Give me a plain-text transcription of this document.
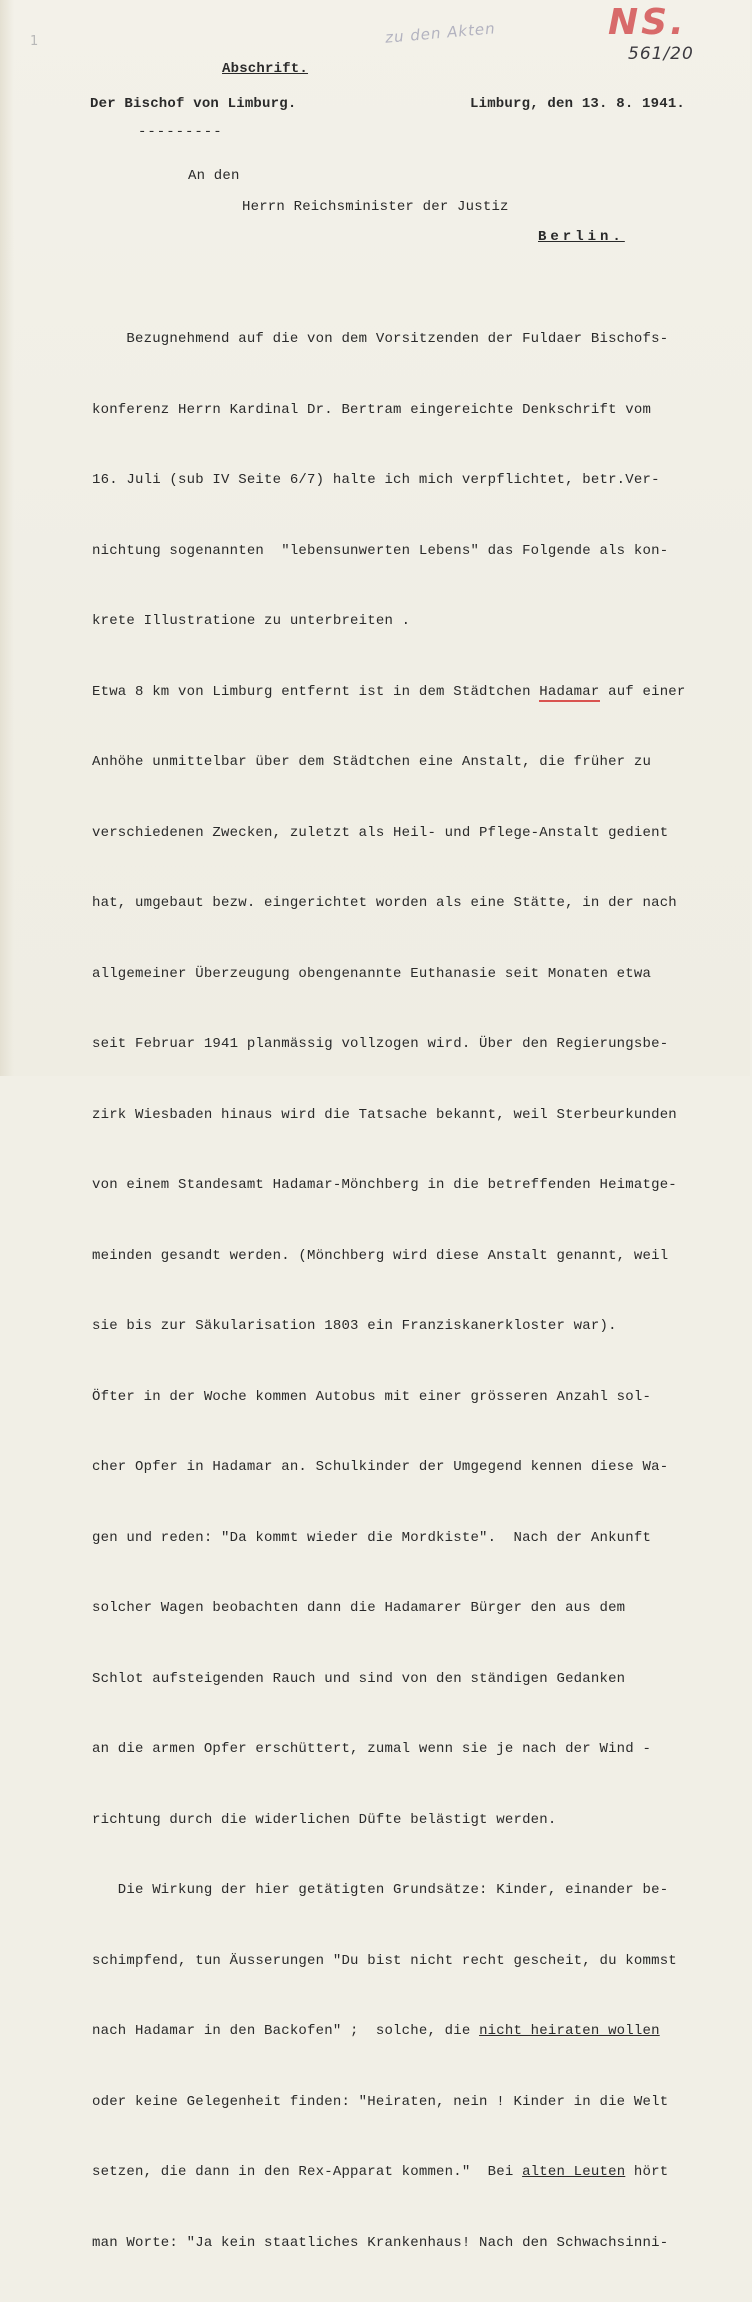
1	zu den Akten	NS.
561/20
Abschrift.
Der Bischof von Limburg.	Limburg, den 13. 8. 1941.
---------
An den
Herrn Reichsminister der Justiz
Berlin.

Bezugnehmend auf die von dem Vorsitzenden der Fuldaer Bischofs-

konferenz Herrn Kardinal Dr. Bertram eingereichte Denkschrift vom

16. Juli (sub IV Seite 6/7) halte ich mich verpflichtet, betr.Ver-

nichtung sogenannten  "lebensunwerten Lebens" das Folgende als kon-

krete Illustratione zu unterbreiten .

Etwa 8 km von Limburg entfernt ist in dem Städtchen Hadamar auf einer

Anhöhe unmittelbar über dem Städtchen eine Anstalt, die früher zu

verschiedenen Zwecken, zuletzt als Heil- und Pflege-Anstalt gedient

hat, umgebaut bezw. eingerichtet worden als eine Stätte, in der nach

allgemeiner Überzeugung obengenannte Euthanasie seit Monaten etwa

seit Februar 1941 planmässig vollzogen wird. Über den Regierungsbe-

zirk Wiesbaden hinaus wird die Tatsache bekannt, weil Sterbeurkunden

von einem Standesamt Hadamar-Mönchberg in die betreffenden Heimatge-

meinden gesandt werden. (Mönchberg wird diese Anstalt genannt, weil

sie bis zur Säkularisation 1803 ein Franziskanerkloster war).

Öfter in der Woche kommen Autobus mit einer grösseren Anzahl sol-

cher Opfer in Hadamar an. Schulkinder der Umgegend kennen diese Wa-

gen und reden: "Da kommt wieder die Mordkiste".  Nach der Ankunft

solcher Wagen beobachten dann die Hadamarer Bürger den aus dem

Schlot aufsteigenden Rauch und sind von den ständigen Gedanken

an die armen Opfer erschüttert, zumal wenn sie je nach der Wind -

richtung durch die widerlichen Düfte belästigt werden.

Die Wirkung der hier getätigten Grundsätze: Kinder, einander be-

schimpfend, tun Äusserungen "Du bist nicht recht gescheit, du kommst

nach Hadamar in den Backofen" ;  solche, die nicht heiraten wollen

oder keine Gelegenheit finden: "Heiraten, nein ! Kinder in die Welt

setzen, die dann in den Rex-Apparat kommen."  Bei alten Leuten hört

man Worte: "Ja kein staatliches Krankenhaus! Nach den Schwachsinni-
